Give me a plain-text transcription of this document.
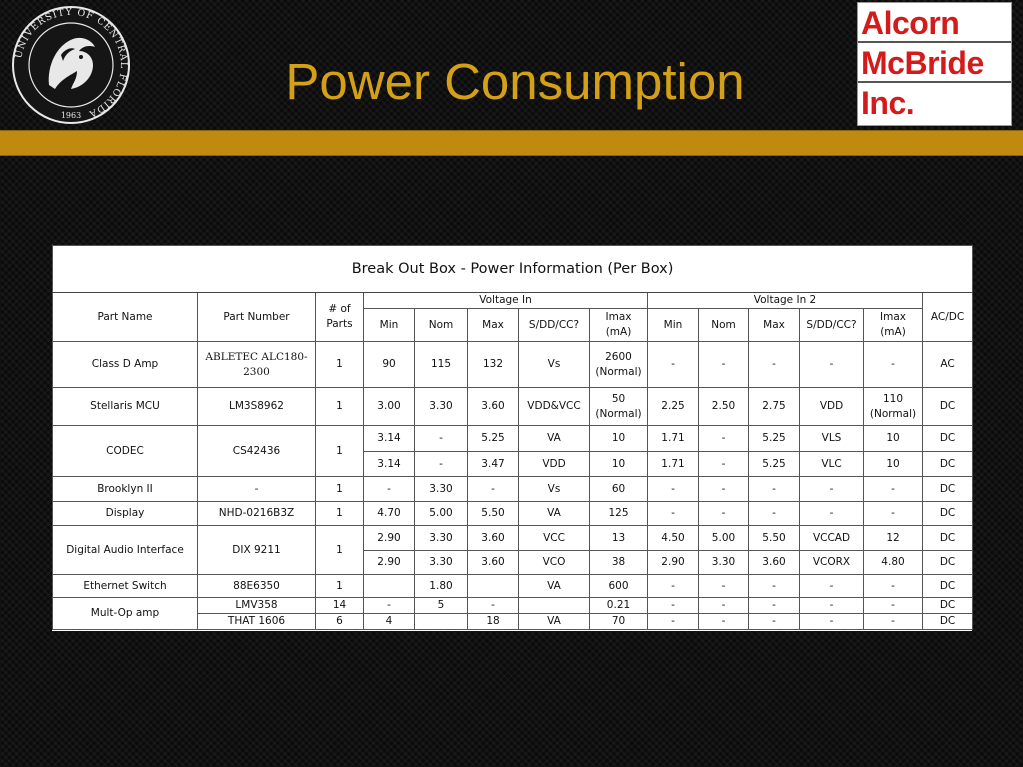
UNIVERSITY OF CENTRAL FLORIDA
1963
Power Consumption
Alcorn
McBride
Inc.
Break Out Box - Power Information (Per Box)													
Part Name	Part Number	# of Parts	Voltage In					Voltage In 2					AC/DC
			Min	Nom	Max	S/DD/CC?	Imax (mA)	Min	Nom	Max	S/DD/CC?	Imax (mA)	
Class D Amp	ABLETEC ALC180-2300	1	90	115	132	Vs	2600 (Normal)	-	-	-	-	-	AC
Stellaris MCU	LM3S8962	1	3.00	3.30	3.60	VDD&VCC	50 (Normal)	2.25	2.50	2.75	VDD	110 (Normal)	DC
CODEC	CS42436	1	3.14	-	5.25	VA	10	1.71	-	5.25	VLS	10	DC
			3.14	-	3.47	VDD	10	1.71	-	5.25	VLC	10	DC
Brooklyn II	-	1	-	3.30	-	Vs	60	-	-	-	-	-	DC
Display	NHD-0216B3Z	1	4.70	5.00	5.50	VA	125	-	-	-	-	-	DC
Digital Audio Interface	DIX 9211	1	2.90	3.30	3.60	VCC	13	4.50	5.00	5.50	VCCAD	12	DC
			2.90	3.30	3.60	VCO	38	2.90	3.30	3.60	VCORX	4.80	DC
Ethernet Switch	88E6350	1		1.80		VA	600	-	-	-	-	-	DC
Mult-Op amp	LMV358	14	-	5	-		0.21	-	-	-	-	-	DC
	THAT 1606	6	4		18	VA	70	-	-	-	-	-	DC
